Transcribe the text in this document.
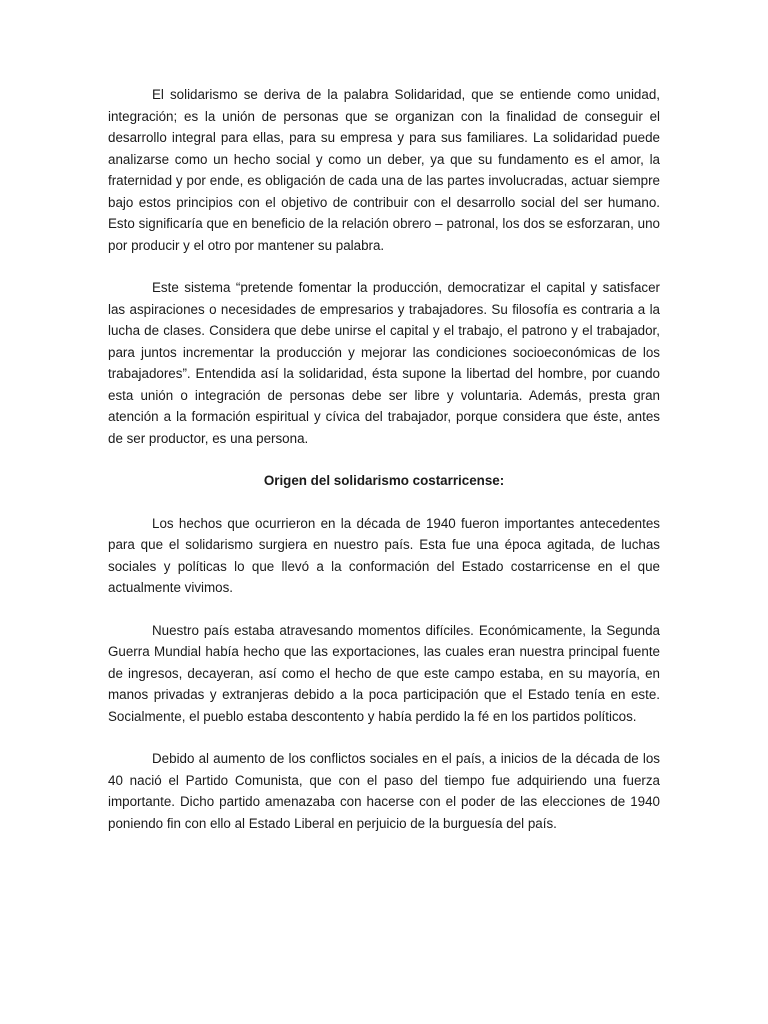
El solidarismo se deriva de la palabra Solidaridad, que se entiende como unidad, integración; es la unión de personas que se organizan con la finalidad de conseguir el desarrollo integral para ellas, para su empresa y para sus familiares. La solidaridad puede analizarse como un hecho social y como un deber, ya que su fundamento es el amor, la fraternidad y por ende, es obligación de cada una de las partes involucradas, actuar siempre bajo estos principios con el objetivo de contribuir con el desarrollo social del ser humano. Esto significaría que en beneficio de la relación obrero – patronal, los dos se esforzaran, uno por producir y el otro por mantener su palabra.

Este sistema “pretende fomentar la producción, democratizar el capital y satisfacer las aspiraciones o necesidades de empresarios y trabajadores. Su filosofía es contraria a la lucha de clases. Considera que debe unirse el capital y el trabajo, el patrono y el trabajador, para juntos incrementar la producción y mejorar las condiciones socioeconómicas de los trabajadores”. Entendida así la solidaridad, ésta supone la libertad del hombre, por cuando esta unión o integración de personas debe ser libre y voluntaria. Además, presta gran atención a la formación espiritual y cívica del trabajador, porque considera que éste, antes de ser productor, es una persona.

Origen del solidarismo costarricense:

Los hechos que ocurrieron en la década de 1940 fueron importantes antecedentes para que el solidarismo surgiera en nuestro país. Esta fue una época agitada, de luchas sociales y políticas lo que llevó a la conformación del Estado costarricense en el que actualmente vivimos.

Nuestro país estaba atravesando momentos difíciles. Económicamente, la Segunda Guerra Mundial había hecho que las exportaciones, las cuales eran nuestra principal fuente de ingresos, decayeran, así como el hecho de que este campo estaba, en su mayoría, en manos privadas y extranjeras debido a la poca participación que el Estado tenía en este. Socialmente, el pueblo estaba descontento y había perdido la fé en los partidos políticos.

Debido al aumento de los conflictos sociales en el país, a inicios de la década de los 40 nació el Partido Comunista, que con el paso del tiempo fue adquiriendo una fuerza importante. Dicho partido amenazaba con hacerse con el poder de las elecciones de 1940 poniendo fin con ello al Estado Liberal en perjuicio de la burguesía del país.
